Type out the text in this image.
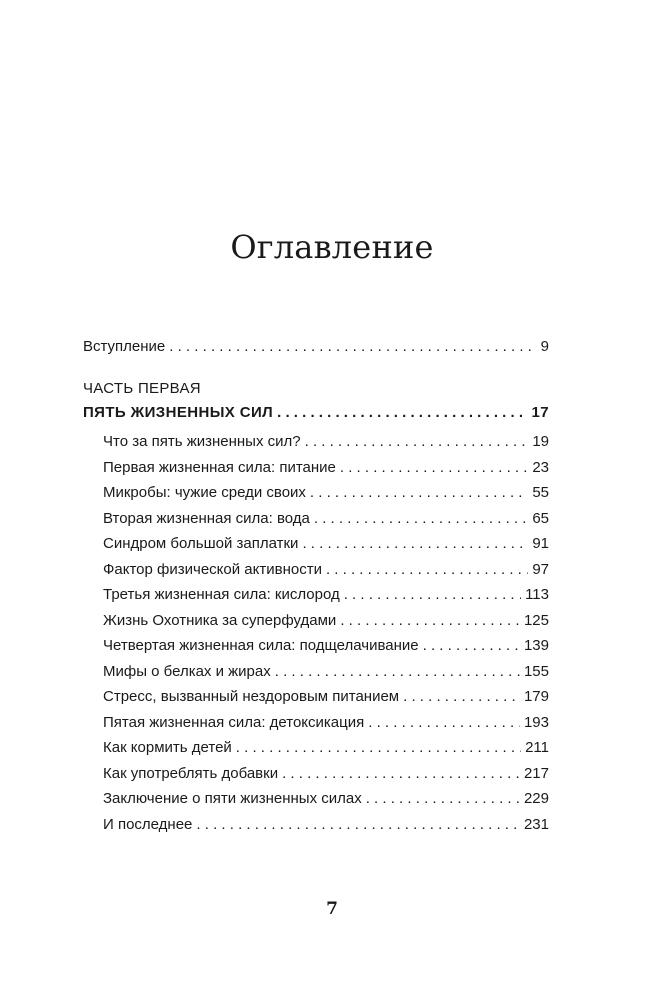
Оглавление
Вступление . . .	9
ЧАСТЬ ПЕРВАЯ
ПЯТЬ ЖИЗНЕННЫХ СИЛ . . .	17
Что за пять жизненных сил? . . .	19
Первая жизненная сила: питание . . .	23
Микробы: чужие среди своих . . .	55
Вторая жизненная сила: вода . . .	65
Синдром большой заплатки . . .	91
Фактор физической активности . . .	97
Третья жизненная сила: кислород . . .	113
Жизнь Охотника за суперфудами . . .	125
Четвертая жизненная сила: подщелачивание . . .	139
Мифы о белках и жирах . . .	155
Стресс, вызванный нездоровым питанием . . .	179
Пятая жизненная сила: детоксикация . . .	193
Как кормить детей . . .	211
Как употреблять добавки . . .	217
Заключение о пяти жизненных силах . . .	229
И последнее . . .	231
7
